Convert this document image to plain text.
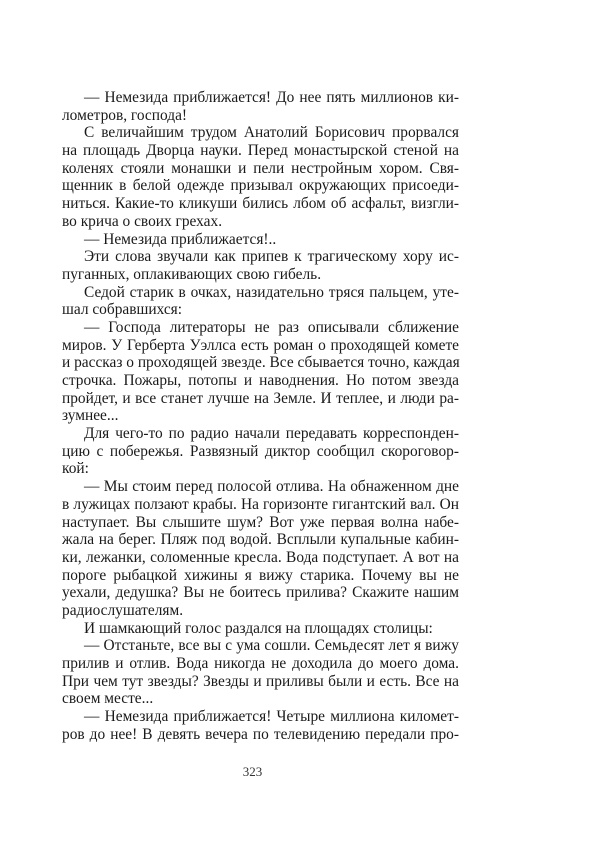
— Немезида приближается! До нее пять миллионов ки-
лометров, господа!
С величайшим трудом Анатолий Борисович прорвался
на площадь Дворца науки. Перед монастырской стеной на
коленях стояли монашки и пели нестройным хором. Свя-
щенник в белой одежде призывал окружающих присоеди-
ниться. Какие-то кликуши бились лбом об асфальт, визгли-
во крича о своих грехах.
— Немезида приближается!..
Эти слова звучали как припев к трагическому хору ис-
пуганных, оплакивающих свою гибель.
Седой старик в очках, назидательно тряся пальцем, уте-
шал собравшихся:
— Господа литераторы не раз описывали сближение
миров. У Герберта Уэллса есть роман о проходящей комете
и рассказ о проходящей звезде. Все сбывается точно, каждая
строчка. Пожары, потопы и наводнения. Но потом звезда
пройдет, и все станет лучше на Земле. И теплее, и люди ра-
зумнее...
Для чего-то по радио начали передавать корреспонден-
цию с побережья. Развязный диктор сообщил скороговор-
кой:
— Мы стоим перед полосой отлива. На обнаженном дне
в лужицах ползают крабы. На горизонте гигантский вал. Он
наступает. Вы слышите шум? Вот уже первая волна набе-
жала на берег. Пляж под водой. Всплыли купальные кабин-
ки, лежанки, соломенные кресла. Вода подступает. А вот на
пороге рыбацкой хижины я вижу старика. Почему вы не
уехали, дедушка? Вы не боитесь прилива? Скажите нашим
радиослушателям.
И шамкающий голос раздался на площадях столицы:
— Отстаньте, все вы с ума сошли. Семьдесят лет я вижу
прилив и отлив. Вода никогда не доходила до моего дома.
При чем тут звезды? Звезды и приливы были и есть. Все на
своем месте...
— Немезида приближается! Четыре миллиона километ-
ров до нее! В девять вечера по телевидению передали про-
323
